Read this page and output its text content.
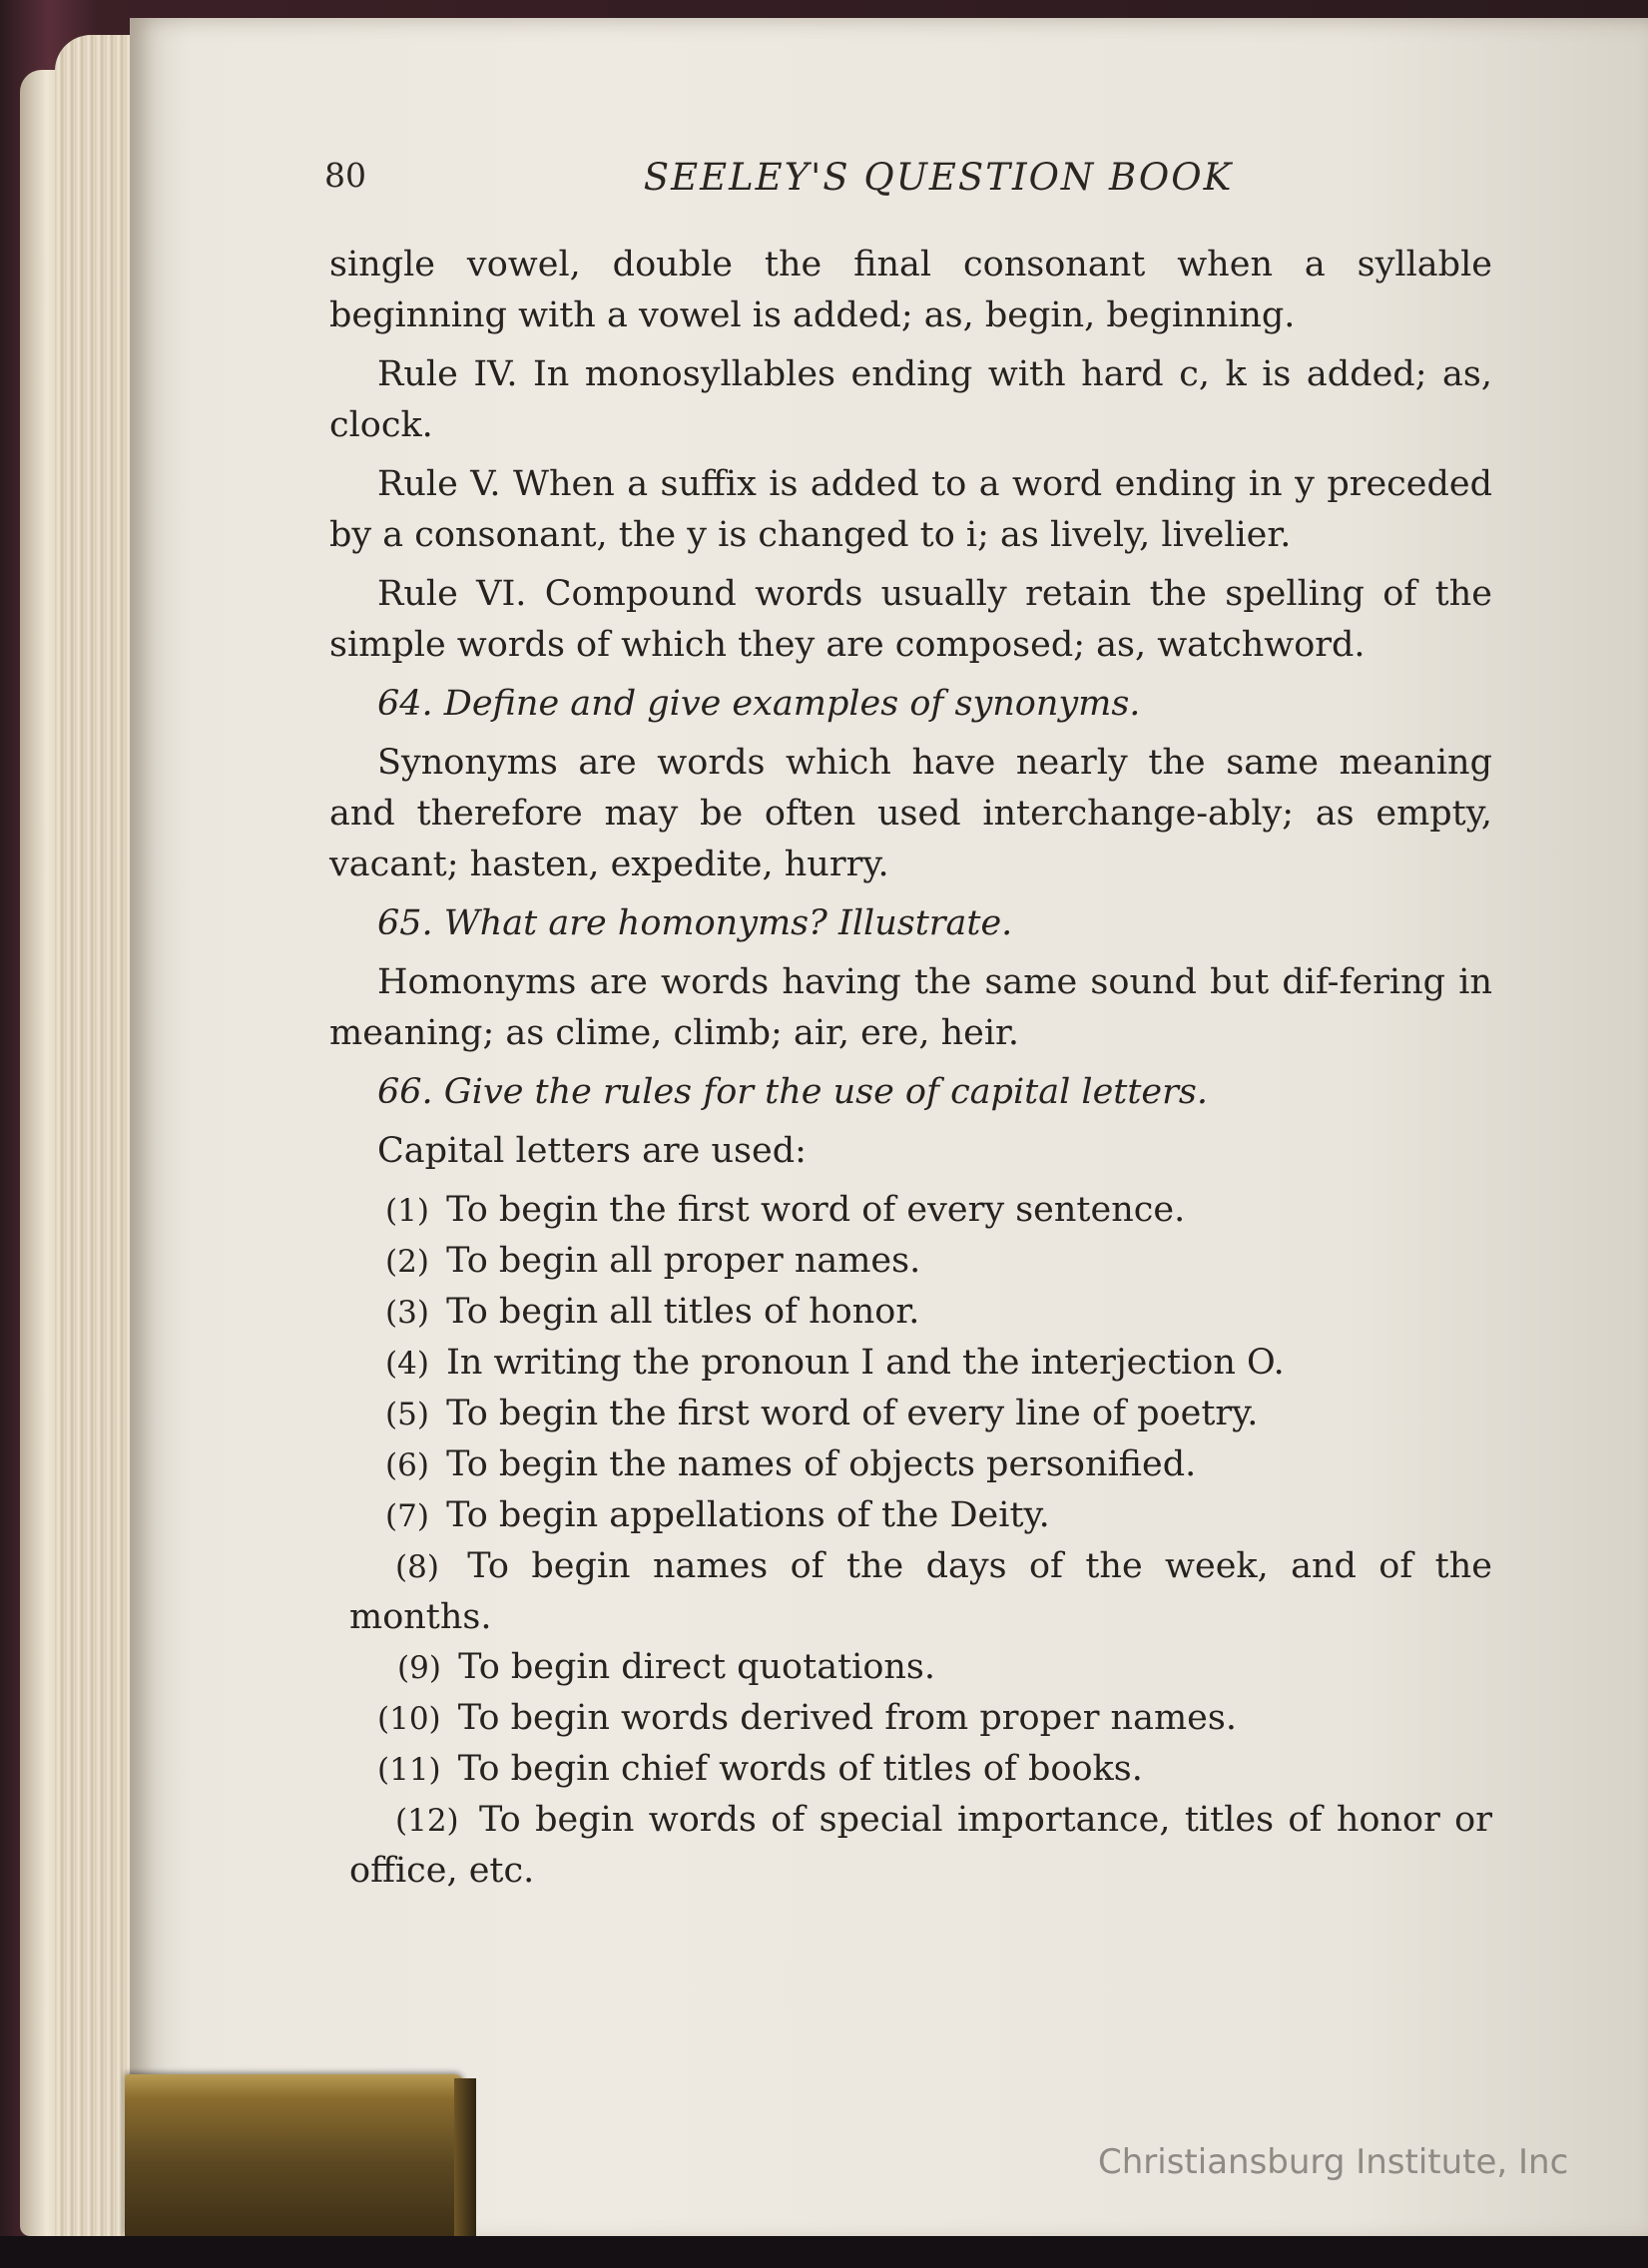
80	SEELEY'S QUESTION BOOK

single vowel, double the final consonant when a syllable beginning with a vowel is added; as, begin, beginning.

Rule IV. In monosyllables ending with hard c, k is added; as, clock.

Rule V. When a suffix is added to a word ending in y preceded by a consonant, the y is changed to i; as lively, livelier.

Rule VI. Compound words usually retain the spelling of the simple words of which they are composed; as, watchword.

64. Define and give examples of synonyms.

Synonyms are words which have nearly the same meaning and therefore may be often used interchange-ably; as empty, vacant; hasten, expedite, hurry.

65. What are homonyms? Illustrate.

Homonyms are words having the same sound but dif-fering in meaning; as clime, climb; air, ere, heir.

66. Give the rules for the use of capital letters.

Capital letters are used:

(1) To begin the first word of every sentence.
(2) To begin all proper names.
(3) To begin all titles of honor.
(4) In writing the pronoun I and the interjection O.
(5) To begin the first word of every line of poetry.
(6) To begin the names of objects personified.
(7) To begin appellations of the Deity.
(8) To begin names of the days of the week, and of the months.
(9) To begin direct quotations.
(10) To begin words derived from proper names.
(11) To begin chief words of titles of books.
(12) To begin words of special importance, titles of honor or office, etc.

Christiansburg Institute, Inc
